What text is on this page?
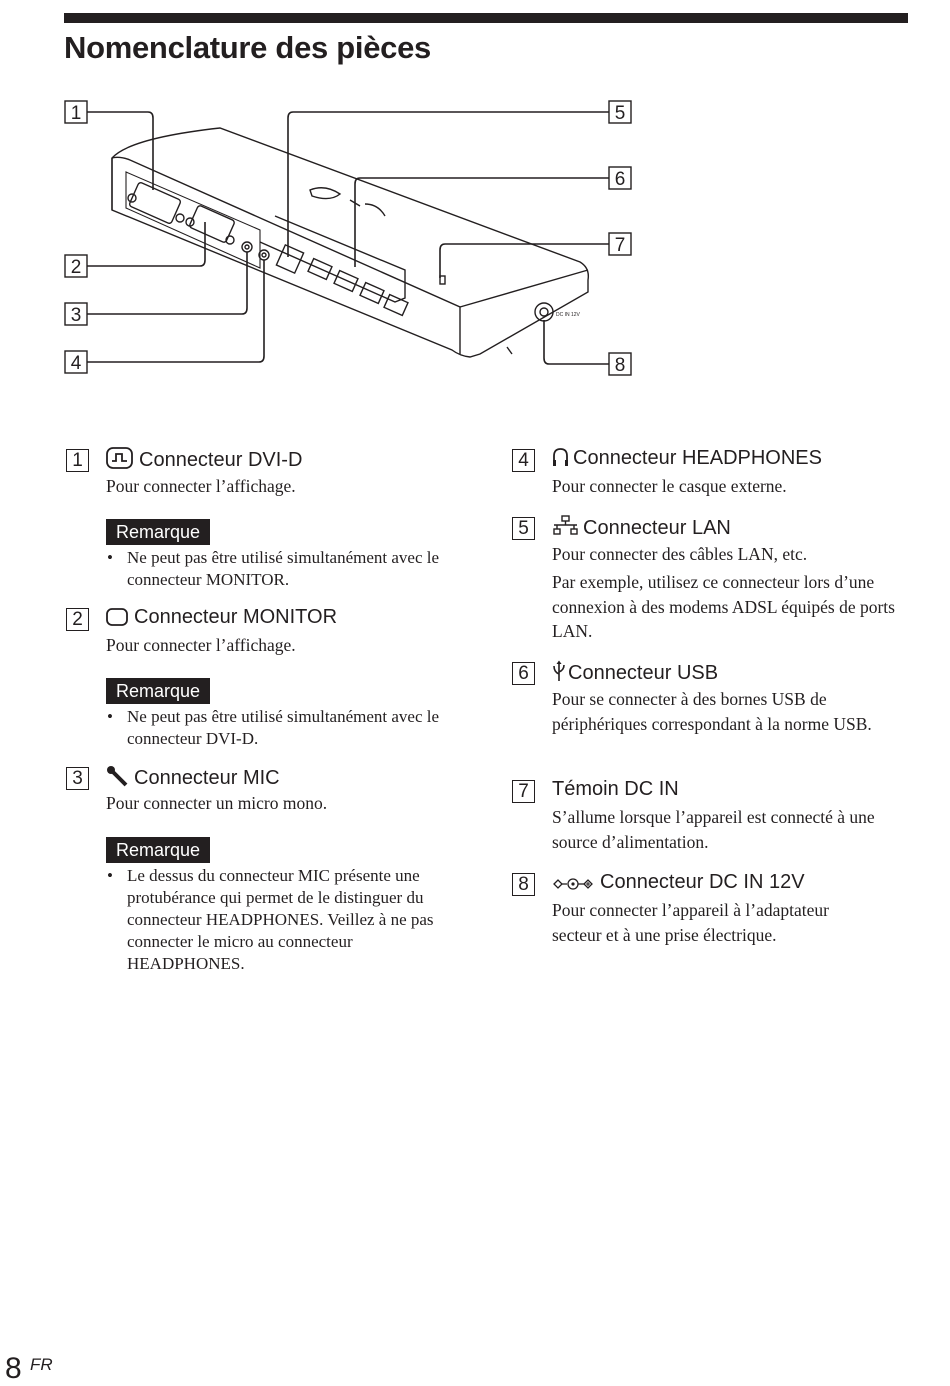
Nomenclature des pièces
DC IN 12V
1
2
3
4
5
6
7
8
1	Connecteur DVI-D
Pour connecter l’affichage.
Remarque
• Ne peut pas être utilisé simultanément avec le connecteur MONITOR.
2	Connecteur MONITOR
Pour connecter l’affichage.
Remarque
• Ne peut pas être utilisé simultanément avec le connecteur DVI-D.
3	Connecteur MIC
Pour connecter un micro mono.
Remarque
• Le dessus du connecteur MIC présente une protubérance qui permet de le distinguer du connecteur HEADPHONES. Veillez à ne pas connecter le micro au connecteur HEADPHONES.
4	Connecteur HEADPHONES
Pour connecter le casque externe.
5	Connecteur LAN
Pour connecter des câbles LAN, etc.
Par exemple, utilisez ce connecteur lors d’une connexion à des modems ADSL équipés de ports LAN.
6	Connecteur USB
Pour se connecter à des bornes USB de périphériques correspondant à la norme USB.
7	Témoin DC IN
S’allume lorsque l’appareil est connecté à une source d’alimentation.
8	Connecteur DC IN 12V
Pour connecter l’appareil à l’adaptateur secteur et à une prise électrique.
8 FR
